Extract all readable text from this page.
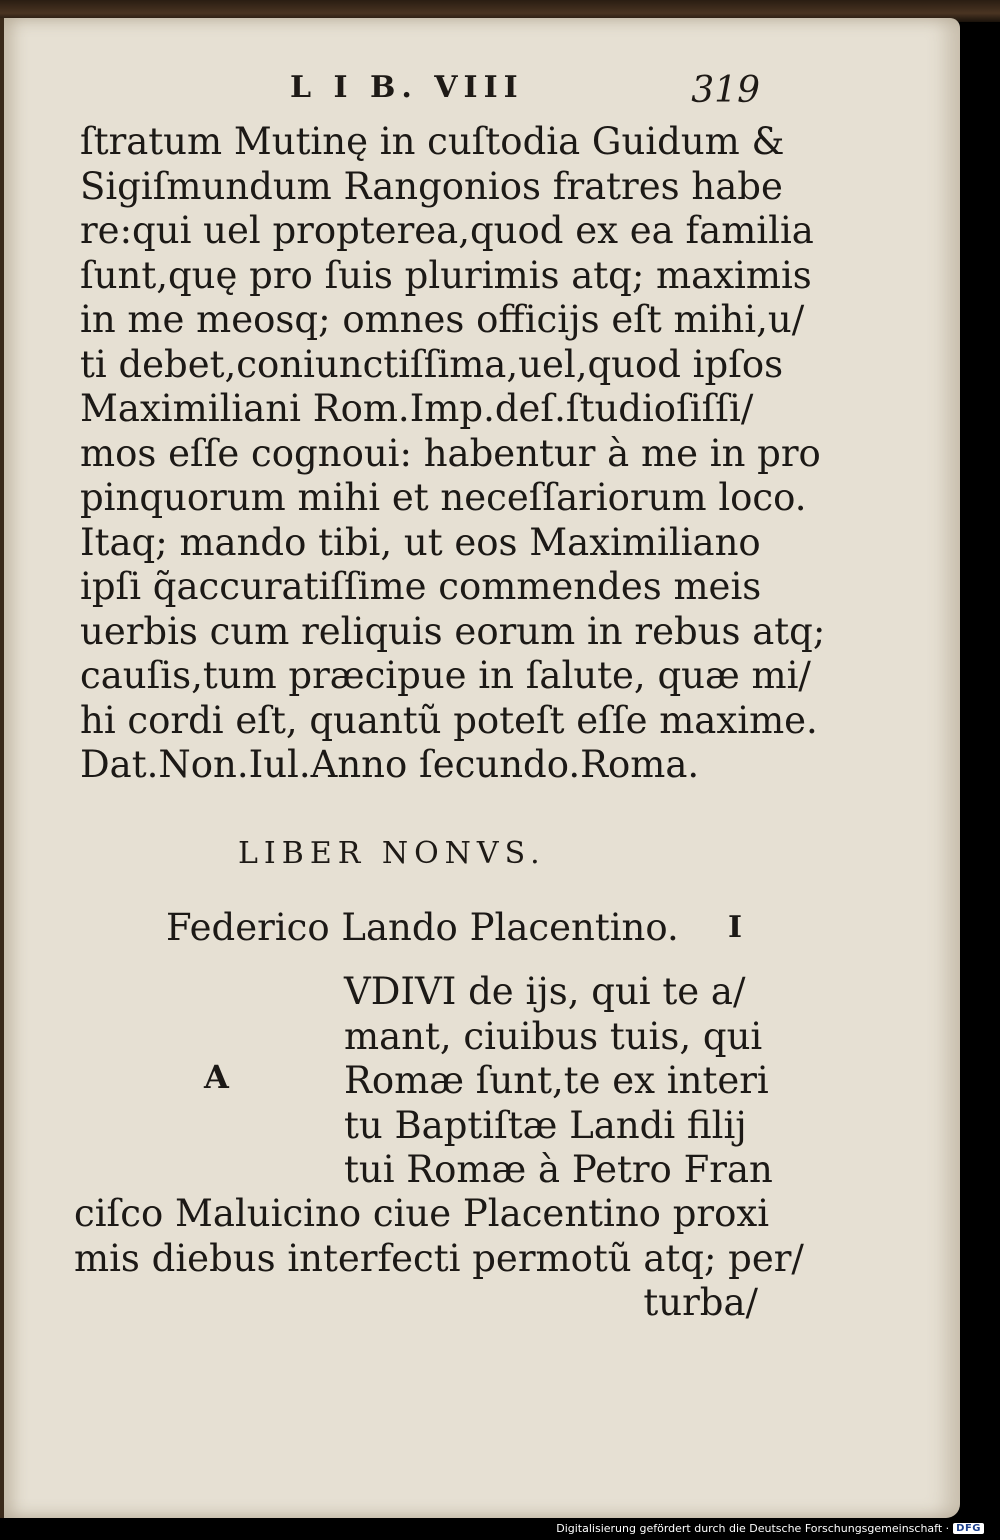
L I B. VIII	319
ſtratum Mutinę in cuſtodia Guidum &
Sigiſmundum Rangonios fratres habe
re:qui uel propterea,quod ex ea familia
ſunt,quę pro ſuis plurimis atq; maximis
in me meosq; omnes officijs eſt mihi,u/
ti debet,coniunctiſſima,uel,quod ipſos
Maximiliani Rom.Imp.deſ.ſtudioſiſſi/
mos eſſe cognoui: habentur à me in pro
pinquorum mihi et neceſſariorum loco.
Itaq; mando tibi, ut eos Maximiliano
ipſi q̃accuratiſſime commendes meis
uerbis cum reliquis eorum in rebus atq;
cauſis,tum præcipue in ſalute, quæ mi/
hi cordi eſt, quantũ poteſt eſſe maxime.
Dat.Non.Iul.Anno ſecundo.Roma.
LIBER NONVS.
Federico Lando Placentino. I
A
VDIVI de ijs, qui te a/
mant, ciuibus tuis, qui
Romæ ſunt,te ex interi
tu Baptiſtæ Landi filij
tui Romæ à Petro Fran
ciſco Maluicino ciue Placentino proxi
mis diebus interfecti permotũ atq; per/
turba/
Digitalisierung gefördert durch die Deutsche Forschungsgemeinschaft · DFG
